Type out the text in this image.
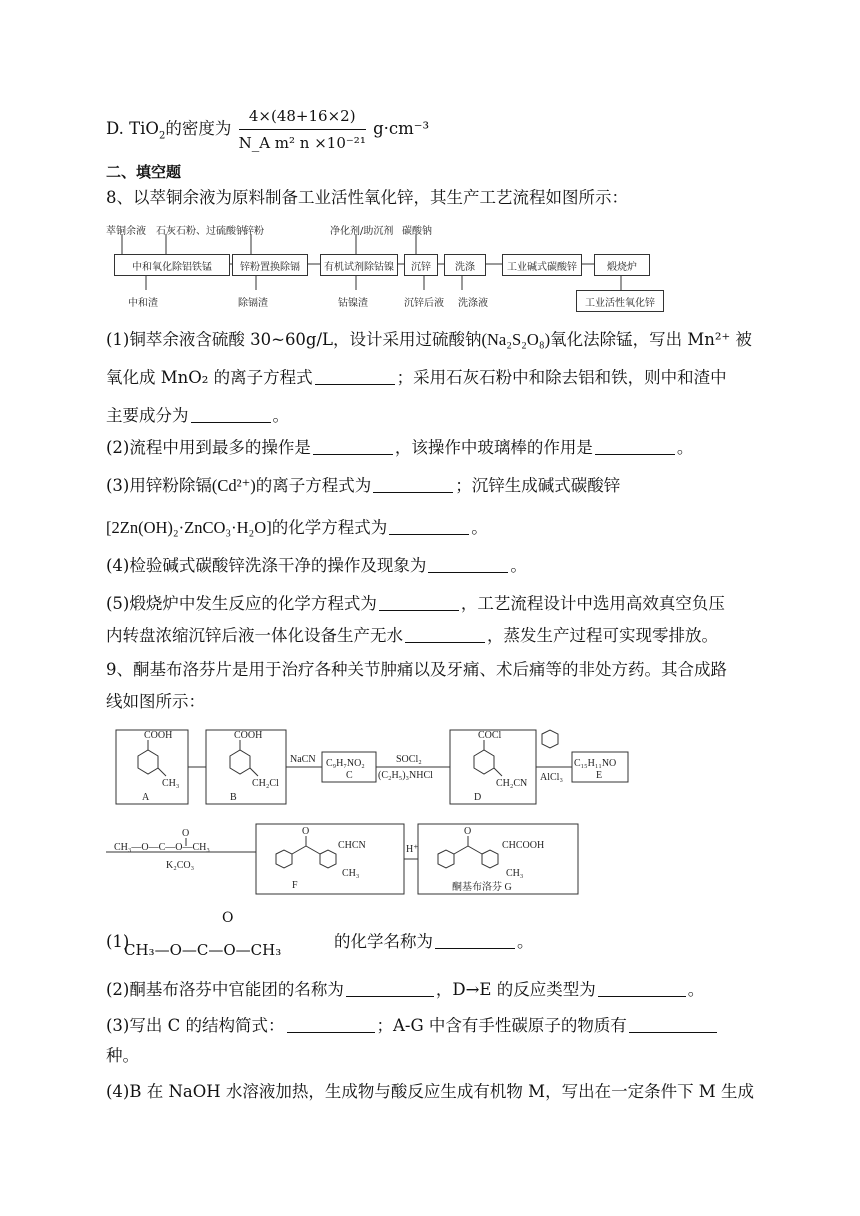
D. TiO$_2$的密度为 $\frac{4\times(48+16\times 2)}{\text{N\_A m² n ×10⁻²¹}} g\cdot cm^{-3}$
二、填空题
8、以萃铜余液为原料制备工业活性氧化锌，其生产工艺流程如图所示：
萃铜余液 石灰石粉、过硫酸钠
锌粉	净化剂/助沉剂 碳酸钠
中和氧化除铝铁锰	锌粉置换除镉	有机试剂除钴镍	沉锌	洗涤	工业碱式碳酸锌	煅烧炉
工业活性氧化锌
中和渣	除镉渣	钴镍渣	沉锌后液 洗涤液
(1)铜萃余液含硫酸 30~60g/L，设计采用过硫酸钠(Na₂S₂O₈)氧化法除锰，写出 Mn²⁺ 被
氧化成 MnO₂ 的离子方程式	；采用石灰石粉中和除去铝和铁，则中和渣中
主要成分为	。
(2)流程中用到最多的操作是	，该操作中玻璃棒的作用是	。
(3)用锌粉除镉(Cd²⁺)的离子方程式为	；沉锌生成碱式碳酸锌
[2Zn(OH)₂·ZnCO₃·H₂O]的化学方程式为	。
(4)检验碱式碳酸锌洗涤干净的操作及现象为	。
(5)煅烧炉中发生反应的化学方程式为	，工艺流程设计中选用高效真空负压
内转盘浓缩沉锌后液一体化设备生产无水	，蒸发生产过程可实现零排放。
9、酮基布洛芬片是用于治疗各种关节肿痛以及牙痛、术后痛等的非处方药。其合成路
线如图所示：
COOH
CH₃
A
COOH
CH₂Cl
B
NaCN C₉H₇NO₂
C
SOCl₂
(C₂H₅)₃NHCl
COCl
CH₂CN
D
AlCl₃
C₁₅H₁₁NO
E
O
CH₃—O—C—O—CH₃
K₂CO₃
O
CHCN
CH₃
F
H⁺
O
CHCOOH
CH₃
酮基布洛芬 G
(1)
O
CH₃—O—C—O—CH₃	的化学名称为	。
(2)酮基布洛芬中官能团的名称为	，D→E 的反应类型为	。
(3)写出 C 的结构简式：	；A-G 中含有手性碳原子的物质有
种。
(4)B 在 NaOH 水溶液加热，生成物与酸反应生成有机物 M，写出在一定条件下 M 生成
